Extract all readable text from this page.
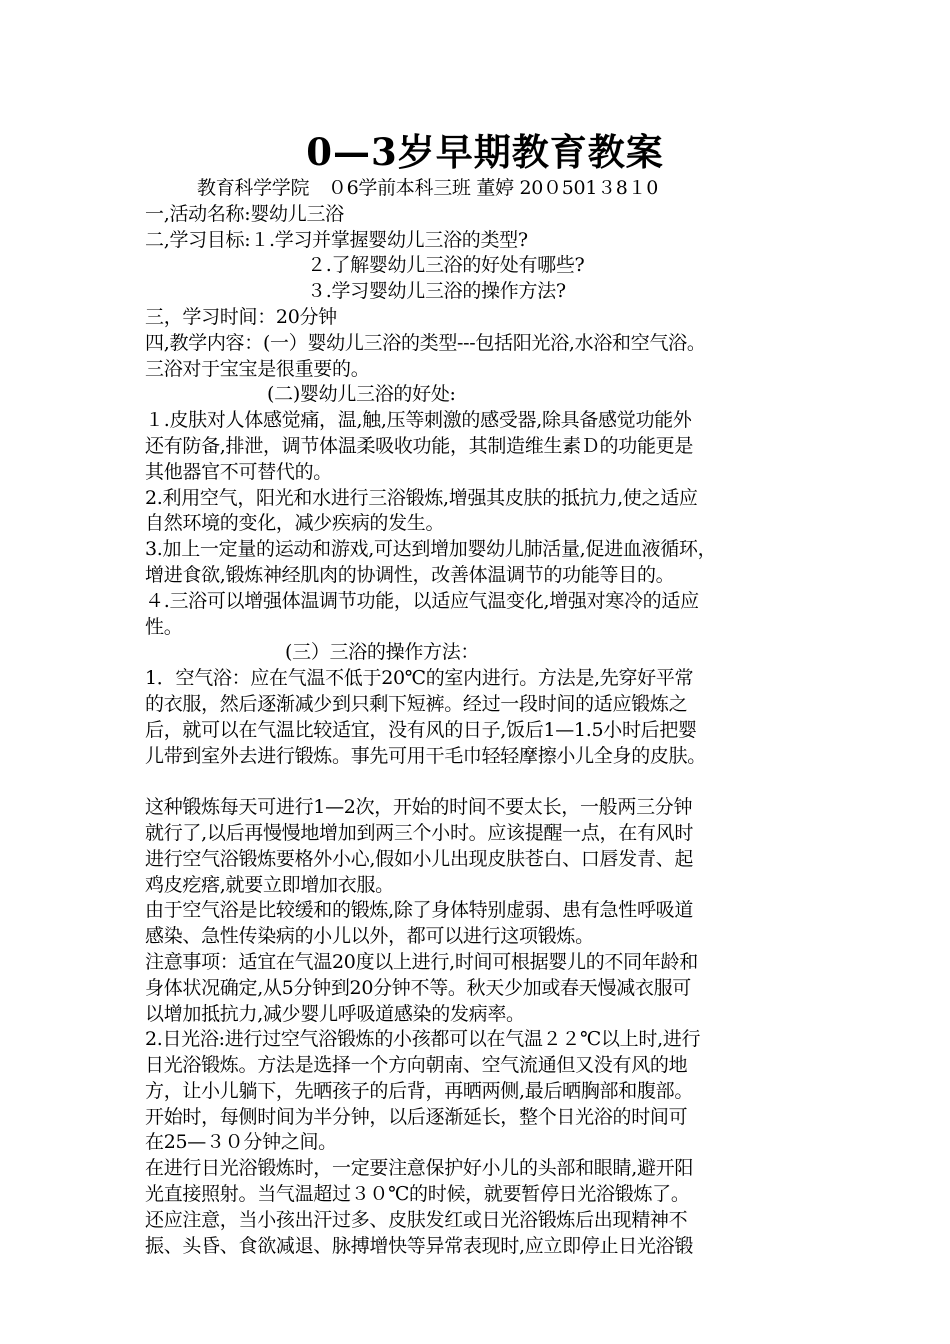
0—3岁早期教育教案
教育科学学院　０6学前本科三班 董婷 20０501３8１0
一,活动名称:婴幼儿三浴
二,学习目标:１.学习并掌握婴幼儿三浴的类型?
２.了解婴幼儿三浴的好处有哪些?
３.学习婴幼儿三浴的操作方法?
三，学习时间：20分钟
四,教学内容：(一）婴幼儿三浴的类型---包括阳光浴,水浴和空气浴。
三浴对于宝宝是很重要的。
(二)婴幼儿三浴的好处:
１.皮肤对人体感觉痛，温,触,压等刺激的感受器,除具备感觉功能外
还有防备,排泄，调节体温柔吸收功能，其制造维生素Ｄ的功能更是
其他器官不可替代的。
2.利用空气，阳光和水进行三浴锻炼,增强其皮肤的抵抗力,使之适应
自然环境的变化，减少疾病的发生。
3.加上一定量的运动和游戏,可达到增加婴幼儿肺活量,促进血液循环，
增进食欲,锻炼神经肌肉的协调性，改善体温调节的功能等目的。
４.三浴可以增强体温调节功能，以适应气温变化,增强对寒冷的适应
性。
(三）三浴的操作方法：
1．空气浴：应在气温不低于20℃的室内进行。方法是,先穿好平常
的衣服，然后逐渐减少到只剩下短裤。经过一段时间的适应锻炼之
后，就可以在气温比较适宜，没有风的日子,饭后1—1.5小时后把婴
儿带到室外去进行锻炼。事先可用干毛巾轻轻摩擦小儿全身的皮肤。
这种锻炼每天可进行1—2次，开始的时间不要太长，一般两三分钟
就行了,以后再慢慢地增加到两三个小时。应该提醒一点，在有风时
进行空气浴锻炼要格外小心,假如小儿出现皮肤苍白、口唇发青、起
鸡皮疙瘩,就要立即增加衣服。
由于空气浴是比较缓和的锻炼,除了身体特别虚弱、患有急性呼吸道
感染、急性传染病的小儿以外，都可以进行这项锻炼。
注意事项：适宜在气温20度以上进行,时间可根据婴儿的不同年龄和
身体状况确定,从5分钟到20分钟不等。秋天少加或春天慢减衣服可
以增加抵抗力,减少婴儿呼吸道感染的发病率。
2.日光浴:进行过空气浴锻炼的小孩都可以在气温２２℃以上时,进行
日光浴锻炼。方法是选择一个方向朝南、空气流通但又没有风的地
方，让小儿躺下，先晒孩子的后背，再晒两侧,最后晒胸部和腹部。
开始时，每侧时间为半分钟，以后逐渐延长，整个日光浴的时间可
在25—３０分钟之间。
在进行日光浴锻炼时，一定要注意保护好小儿的头部和眼睛,避开阳
光直接照射。当气温超过３０℃的时候，就要暂停日光浴锻炼了。
还应注意，当小孩出汗过多、皮肤发红或日光浴锻炼后出现精神不
振、头昏、食欲减退、脉搏增快等异常表现时,应立即停止日光浴锻
